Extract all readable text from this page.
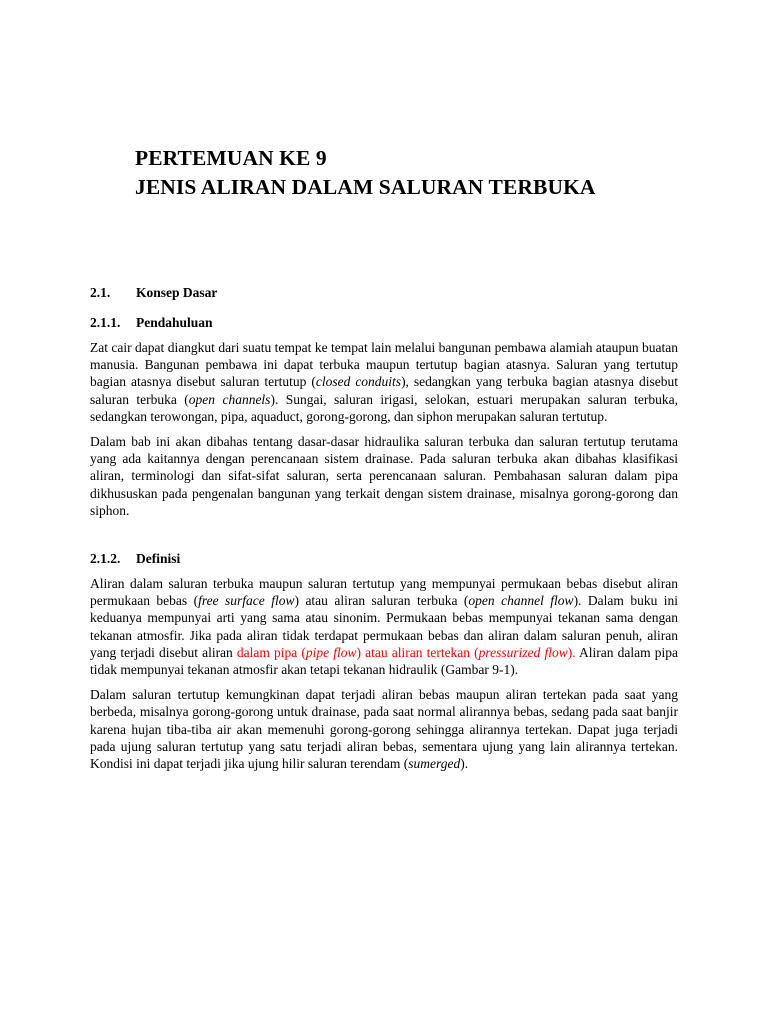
PERTEMUAN KE 9
JENIS ALIRAN DALAM SALURAN TERBUKA
2.1.	Konsep Dasar
2.1.1.	Pendahuluan

Zat cair dapat diangkut dari suatu tempat ke tempat lain melalui bangunan pembawa alamiah ataupun buatan manusia. Bangunan pembawa ini dapat terbuka maupun tertutup bagian atasnya. Saluran yang tertutup bagian atasnya disebut saluran tertutup (closed conduits), sedangkan yang terbuka bagian atasnya disebut saluran terbuka (open channels). Sungai, saluran irigasi, selokan, estuari merupakan saluran terbuka, sedangkan terowongan, pipa, aquaduct, gorong-gorong, dan siphon merupakan saluran tertutup.

Dalam bab ini akan dibahas tentang dasar-dasar hidraulika saluran terbuka dan saluran tertutup terutama yang ada kaitannya dengan perencanaan sistem drainase. Pada saluran terbuka akan dibahas klasifikasi aliran, terminologi dan sifat-sifat saluran, serta perencanaan saluran. Pembahasan saluran dalam pipa dikhususkan pada pengenalan bangunan yang terkait dengan sistem drainase, misalnya gorong-gorong dan siphon.

2.1.2.	Definisi

Aliran dalam saluran terbuka maupun saluran tertutup yang mempunyai permukaan bebas disebut aliran permukaan bebas (free surface flow) atau aliran saluran terbuka (open channel flow). Dalam buku ini keduanya mempunyai arti yang sama atau sinonim. Permukaan bebas mempunyai tekanan sama dengan tekanan atmosfir. Jika pada aliran tidak terdapat permukaan bebas dan aliran dalam saluran penuh, aliran yang terjadi disebut aliran dalam pipa (pipe flow) atau aliran tertekan (pressurized flow). Aliran dalam pipa tidak mempunyai tekanan atmosfir akan tetapi tekanan hidraulik (Gambar 9-1).

Dalam saluran tertutup kemungkinan dapat terjadi aliran bebas maupun aliran tertekan pada saat yang berbeda, misalnya gorong-gorong untuk drainase, pada saat normal alirannya bebas, sedang pada saat banjir karena hujan tiba-tiba air akan memenuhi gorong-gorong sehingga alirannya tertekan. Dapat juga terjadi pada ujung saluran tertutup yang satu terjadi aliran bebas, sementara ujung yang lain alirannya tertekan. Kondisi ini dapat terjadi jika ujung hilir saluran terendam (sumerged).
